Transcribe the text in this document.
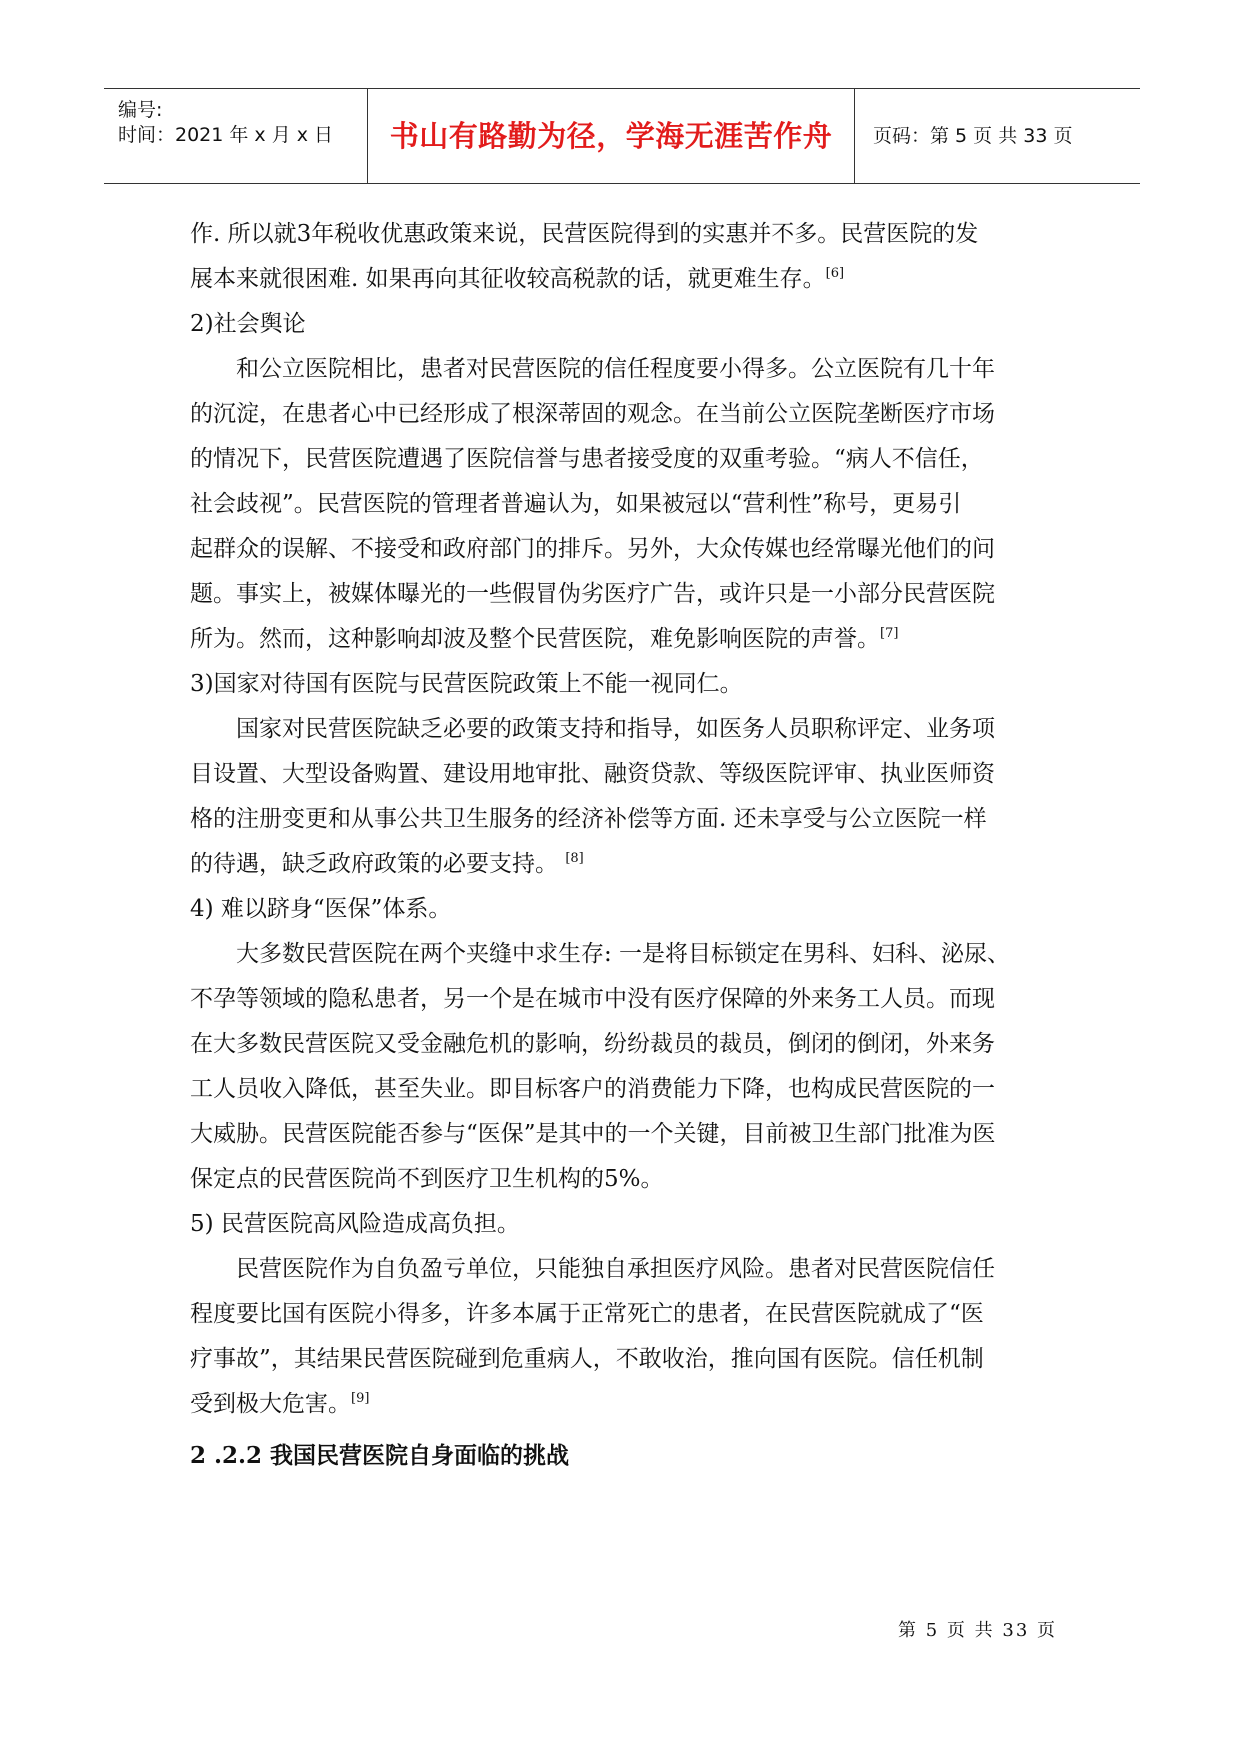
编号:
时间：2021 年 x 月 x 日	书山有路勤为径，学海无涯苦作舟	页码：第 5 页 共 33 页
作. 所以就3年税收优惠政策来说，民营医院得到的实惠并不多。民营医院的发
展本来就很困难. 如果再向其征收较高税款的话，就更难生存。[6]
2)社会舆论
和公立医院相比，患者对民营医院的信任程度要小得多。公立医院有几十年
的沉淀，在患者心中已经形成了根深蒂固的观念。在当前公立医院垄断医疗市场
的情况下，民营医院遭遇了医院信誉与患者接受度的双重考验。“病人不信任，
社会歧视”。民营医院的管理者普遍认为，如果被冠以“营利性”称号，更易引
起群众的误解、不接受和政府部门的排斥。另外，大众传媒也经常曝光他们的问
题。事实上，被媒体曝光的一些假冒伪劣医疗广告，或许只是一小部分民营医院
所为。然而，这种影响却波及整个民营医院，难免影响医院的声誉。[7]
3)国家对待国有医院与民营医院政策上不能一视同仁。
国家对民营医院缺乏必要的政策支持和指导，如医务人员职称评定、业务项
目设置、大型设备购置、建设用地审批、融资贷款、等级医院评审、执业医师资
格的注册变更和从事公共卫生服务的经济补偿等方面. 还未享受与公立医院一样
的待遇，缺乏政府政策的必要支持。 [8]
4) 难以跻身“医保”体系。
大多数民营医院在两个夹缝中求生存: 一是将目标锁定在男科、妇科、泌尿、
不孕等领域的隐私患者，另一个是在城市中没有医疗保障的外来务工人员。而现
在大多数民营医院又受金融危机的影响，纷纷裁员的裁员，倒闭的倒闭，外来务
工人员收入降低，甚至失业。即目标客户的消费能力下降，也构成民营医院的一
大威胁。民营医院能否参与“医保”是其中的一个关键，目前被卫生部门批准为医
保定点的民营医院尚不到医疗卫生机构的5%。
5) 民营医院高风险造成高负担。
民营医院作为自负盈亏单位，只能独自承担医疗风险。患者对民营医院信任
程度要比国有医院小得多，许多本属于正常死亡的患者，在民营医院就成了“医
疗事故”，其结果民营医院碰到危重病人，不敢收治，推向国有医院。信任机制
受到极大危害。[9]
2 .2.2 我国民营医院自身面临的挑战
第 5 页 共 33 页
